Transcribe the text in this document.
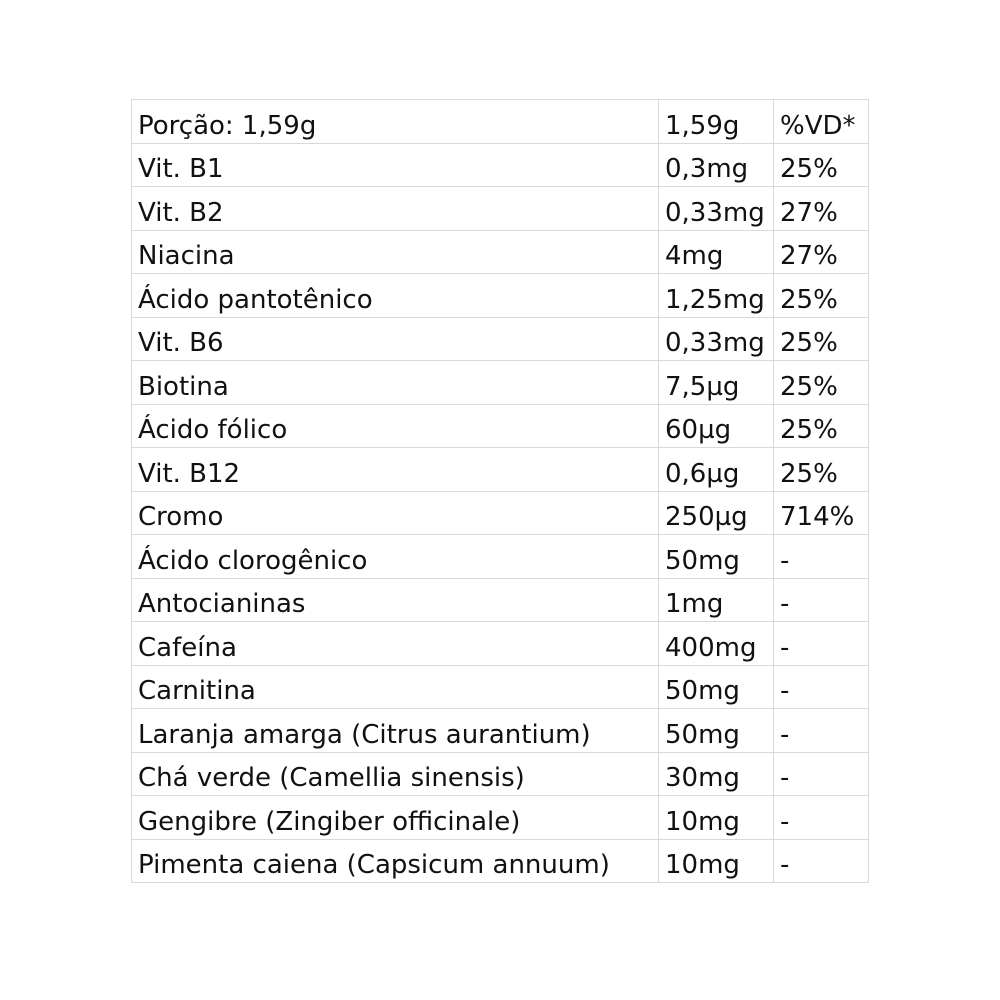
Porção: 1,59g	1,59g	%VD*
Vit. B1	0,3mg	25%
Vit. B2	0,33mg	27%
Niacina	4mg	27%
Ácido pantotênico	1,25mg	25%
Vit. B6	0,33mg	25%
Biotina	7,5µg	25%
Ácido fólico	60µg	25%
Vit. B12	0,6µg	25%
Cromo	250µg	714%
Ácido clorogênico	50mg	-
Antocianinas	1mg	-
Cafeína	400mg	-
Carnitina	50mg	-
Laranja amarga (Citrus aurantium)	50mg	-
Chá verde (Camellia sinensis)	30mg	-
Gengibre (Zingiber officinale)	10mg	-
Pimenta caiena (Capsicum annuum)	10mg	-
